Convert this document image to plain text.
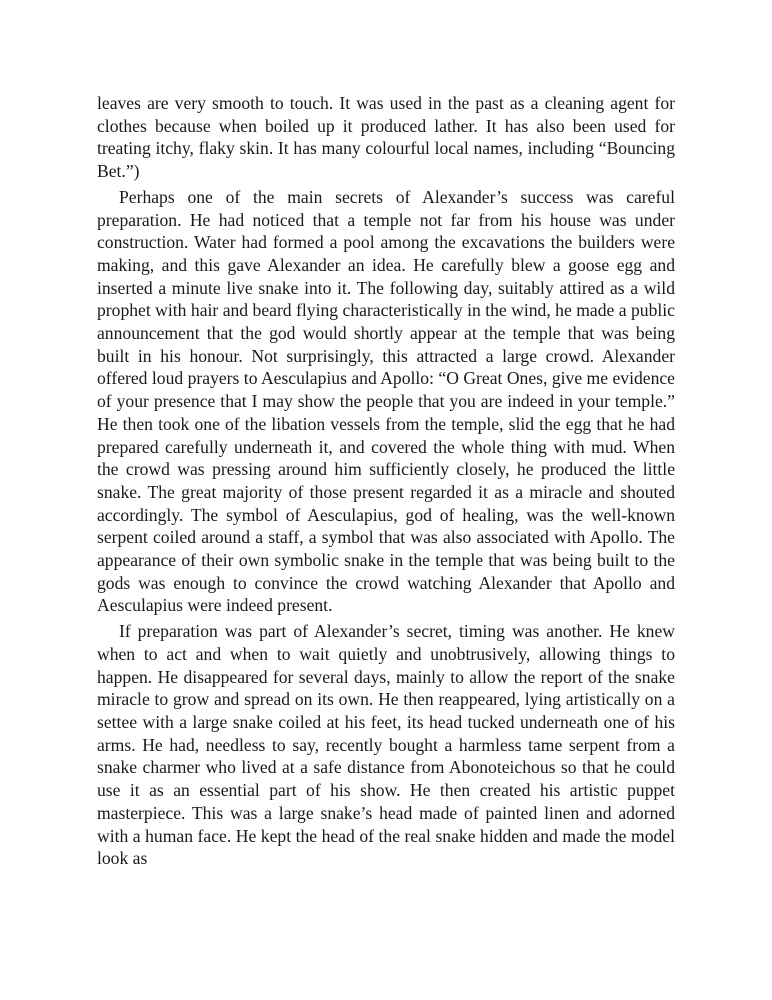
leaves are very smooth to touch. It was used in the past as a cleaning agent for clothes because when boiled up it produced lather. It has also been used for treating itchy, flaky skin. It has many colourful local names, including “Bouncing Bet.”)

Perhaps one of the main secrets of Alexander’s success was careful preparation. He had noticed that a temple not far from his house was under construction. Water had formed a pool among the excavations the builders were making, and this gave Alexander an idea. He carefully blew a goose egg and inserted a minute live snake into it. The following day, suitably attired as a wild prophet with hair and beard flying characteristically in the wind, he made a public announcement that the god would shortly appear at the temple that was being built in his honour. Not surprisingly, this attracted a large crowd. Alexander offered loud prayers to Aesculapius and Apollo: “O Great Ones, give me evidence of your presence that I may show the people that you are indeed in your temple.” He then took one of the libation vessels from the temple, slid the egg that he had prepared carefully underneath it, and covered the whole thing with mud. When the crowd was pressing around him sufficiently closely, he produced the little snake. The great majority of those present regarded it as a miracle and shouted accordingly. The symbol of Aesculapius, god of healing, was the well-known serpent coiled around a staff, a symbol that was also associated with Apollo. The appearance of their own symbolic snake in the temple that was being built to the gods was enough to convince the crowd watching Alexander that Apollo and Aesculapius were indeed present.

If preparation was part of Alexander’s secret, timing was another. He knew when to act and when to wait quietly and unobtrusively, allowing things to happen. He disappeared for several days, mainly to allow the report of the snake miracle to grow and spread on its own. He then reappeared, lying artistically on a settee with a large snake coiled at his feet, its head tucked underneath one of his arms. He had, needless to say, recently bought a harmless tame serpent from a snake charmer who lived at a safe distance from Abonoteichous so that he could use it as an essential part of his show. He then created his artistic puppet masterpiece. This was a large snake’s head made of painted linen and adorned with a human face. He kept the head of the real snake hidden and made the model look as
